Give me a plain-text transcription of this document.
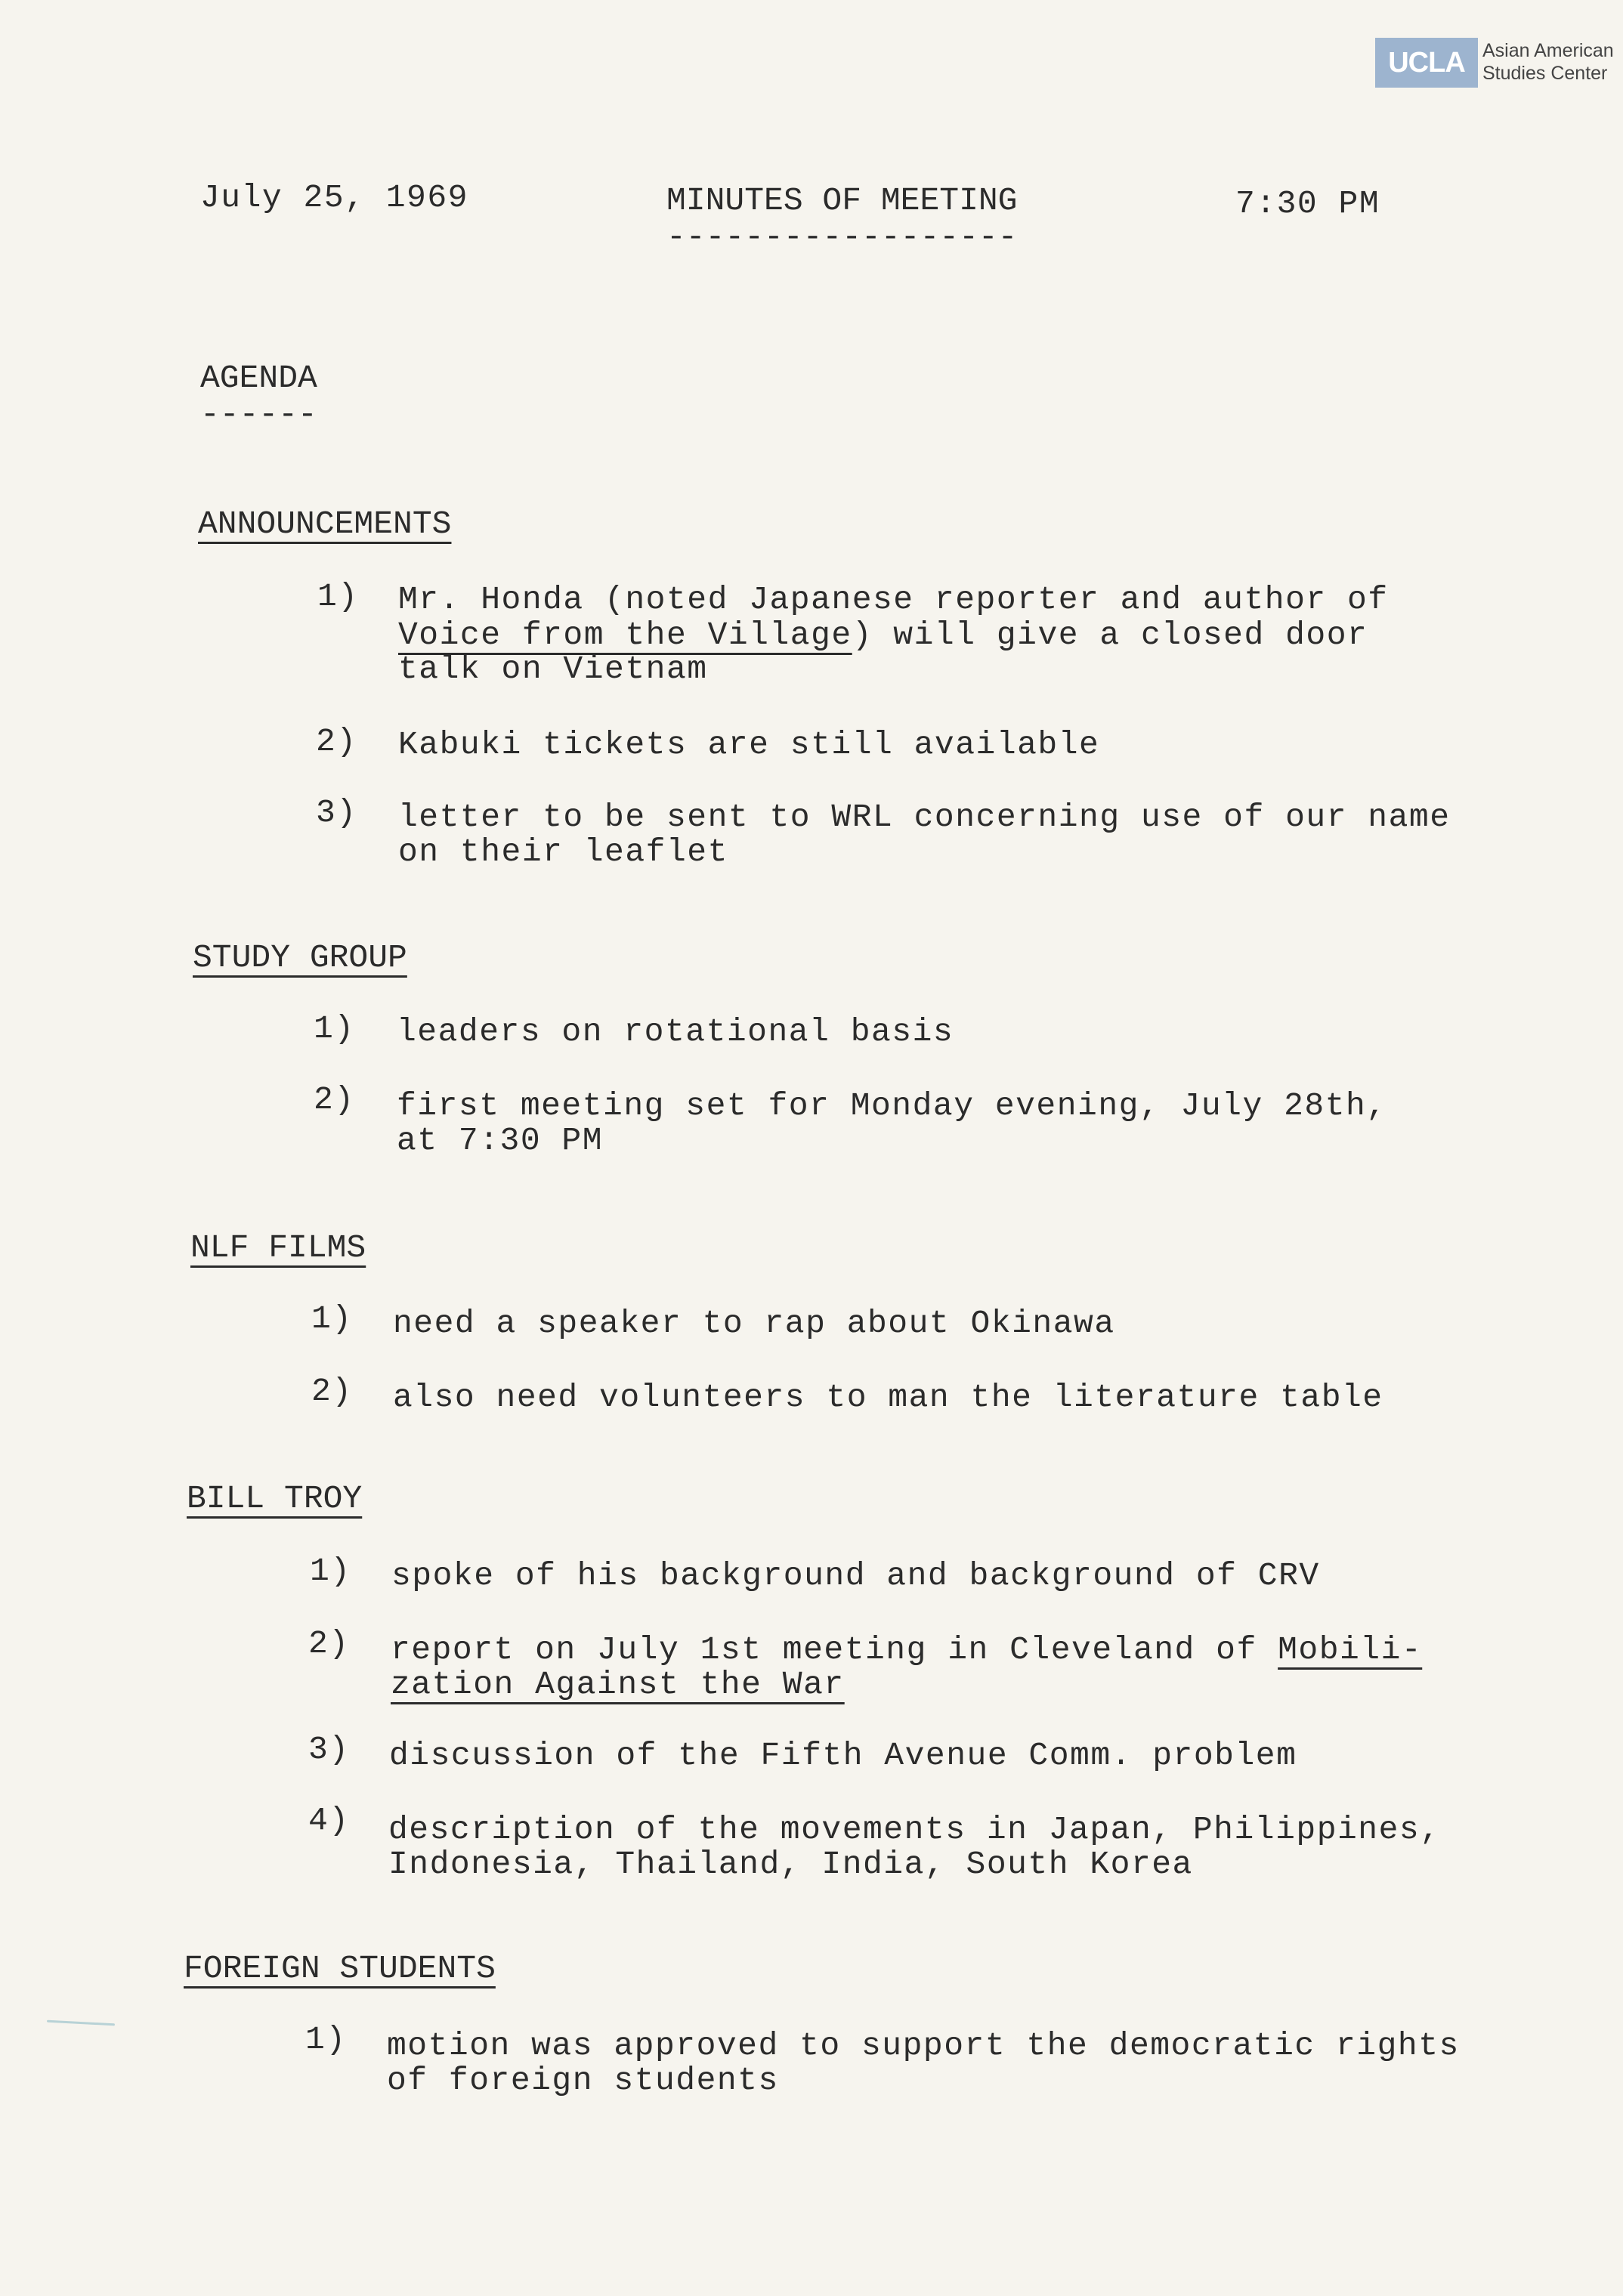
UCLA Asian American
Studies Center
July 25, 1969	MINUTES OF MEETING
------------------
7:30 PM
AGENDA
------
ANNOUNCEMENTS
1) Mr. Honda (noted Japanese reporter and author of
Voice from the Village) will give a closed door
talk on Vietnam
2) Kabuki tickets are still available
3) letter to be sent to WRL concerning use of our name
on their leaflet
STUDY GROUP
1) leaders on rotational basis
2) first meeting set for Monday evening, July 28th,
at 7:30 PM
NLF FILMS
1) need a speaker to rap about Okinawa
2) also need volunteers to man the literature table
BILL TROY
1) spoke of his background and background of CRV
2) report on July 1st meeting in Cleveland of Mobili-
zation Against the War
3) discussion of the Fifth Avenue Comm. problem
4) description of the movements in Japan, Philippines,
Indonesia, Thailand, India, South Korea
FOREIGN STUDENTS
1) motion was approved to support the democratic rights
of foreign students
